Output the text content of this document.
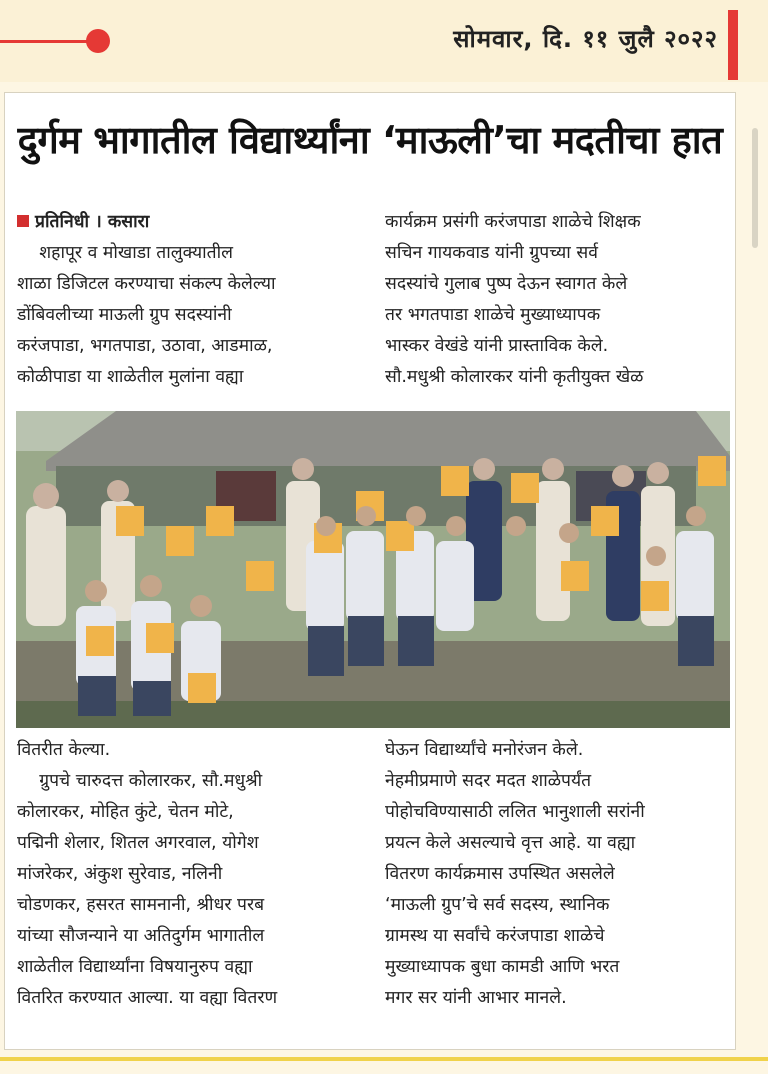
सोमवार, दि. ११ जुलै २०२२
दुर्गम भागातील विद्यार्थ्यांना ‘माऊली’चा मदतीचा हात

प्रतिनिधी । कसारा

शहापूर व मोखाडा तालुक्यातील

शाळा डिजिटल करण्याचा संकल्प केलेल्या

डोंबिवलीच्या माऊली ग्रुप सदस्यांनी

करंजपाडा, भगतपाडा, उठावा, आडमाळ,

कोळीपाडा या शाळेतील मुलांना वह्या

कार्यक्रम प्रसंगी करंजपाडा शाळेचे शिक्षक

सचिन गायकवाड यांनी ग्रुपच्या सर्व

सदस्यांचे गुलाब पुष्प देऊन स्वागत केले

तर भगतपाडा शाळेचे मुख्याध्यापक

भास्कर वेखंडे यांनी प्रास्ताविक केले.

सौ.मधुश्री कोलारकर यांनी कृतीयुक्त खेळ

वितरीत केल्या.

ग्रुपचे चारुदत्त कोलारकर, सौ.मधुश्री

कोलारकर, मोहित कुंटे, चेतन मोटे,

पद्मिनी शेलार, शितल अगरवाल, योगेश

मांजरेकर, अंकुश सुरेवाड, नलिनी

चोडणकर, हसरत सामनानी, श्रीधर परब

यांच्या सौजन्याने या अतिदुर्गम भागातील

शाळेतील विद्यार्थ्यांना विषयानुरुप वह्या

वितरित करण्यात आल्या. या वह्या वितरण

घेऊन विद्यार्थ्यांचे मनोरंजन केले.

नेहमीप्रमाणे सदर मदत शाळेपर्यंत

पोहोचविण्यासाठी ललित भानुशाली सरांनी

प्रयत्न केले असल्याचे वृत्त आहे. या वह्या

वितरण कार्यक्रमास उपस्थित असलेले

‘माऊली ग्रुप’चे सर्व सदस्य, स्थानिक

ग्रामस्थ या सर्वांचे करंजपाडा शाळेचे

मुख्याध्यापक बुधा कामडी आणि भरत

मगर सर यांनी आभार मानले.
